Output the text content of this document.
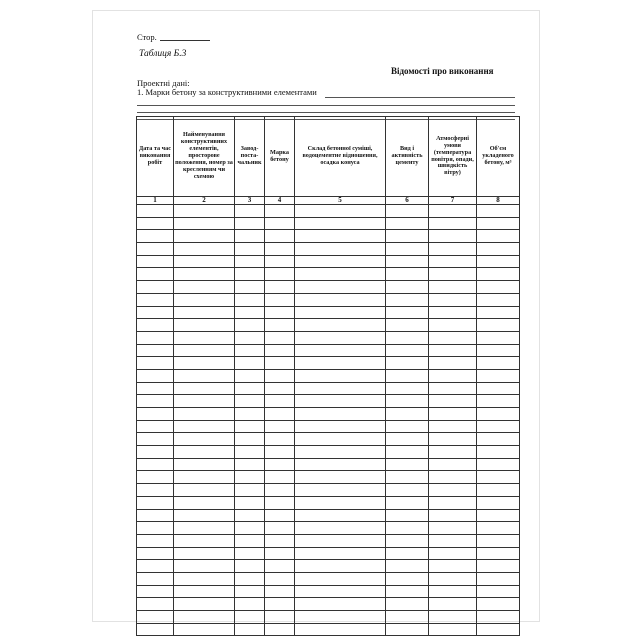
Стор.
Таблиця Б.3
Відомості про виконання
Проектні дані:
1. Марки бетону за конструктивними елементами
Дата та час виконання робіт	Найменування конструктивних елементів, просторове положення, номер за кресленням чи схемою	Завод-поста-чальник	Марка бетону	Склад бетонної суміші, водоцементне відношення, осадка конуса	Вид і активність цементу	Атмосферні умови (температура повітря, опади, швидкість вітру)	Об'єм укладеного бетону, м³
1	2	3	4	5	6	7	8
